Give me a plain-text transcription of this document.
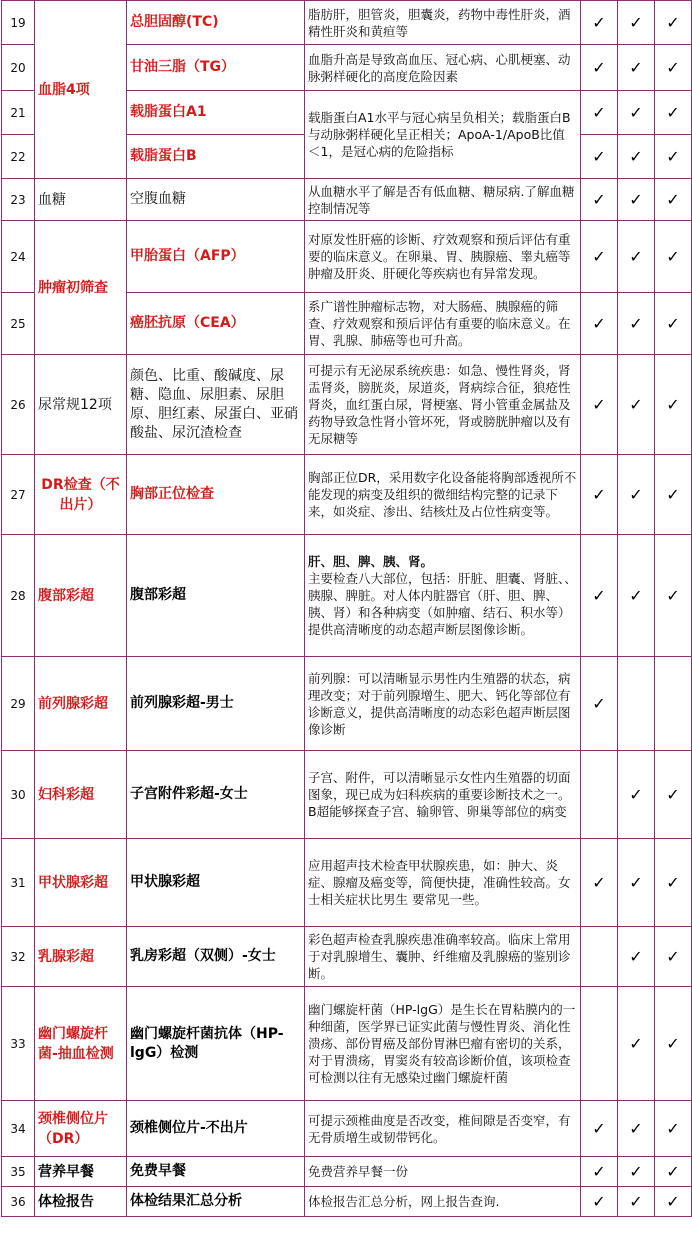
19	血脂4项	总胆固醇(TC)	脂肪肝，胆管炎，胆囊炎，药物中毒性肝炎，酒精性肝炎和黄疸等	✓	✓	✓
20		甘油三脂（TG）	血脂升高是导致高血压、冠心病、心肌梗塞、动脉粥样硬化的高度危险因素	✓	✓	✓
21		载脂蛋白A1	载脂蛋白A1水平与冠心病呈负相关；载脂蛋白B与动脉粥样硬化呈正相关；ApoA-1/ApoB比值＜1，是冠心病的危险指标	✓	✓	✓
22		载脂蛋白B		✓	✓	✓
23	血糖	空腹血糖	从血糖水平了解是否有低血糖、糖尿病.了解血糖控制情况等	✓	✓	✓
24	肿瘤初筛查	甲胎蛋白（AFP）	对原发性肝癌的诊断、疗效观察和预后评估有重要的临床意义。在卵巢、胃、胰腺癌、睾丸癌等肿瘤及肝炎、肝硬化等疾病也有异常发现。	✓	✓	✓
25		癌胚抗原（CEA）	系广谱性肿瘤标志物，对大肠癌、胰腺癌的筛查、疗效观察和预后评估有重要的临床意义。在胃、乳腺、肺癌等也可升高。	✓	✓	✓
26	尿常规12项	颜色、比重、酸碱度、尿糖、隐血、尿胆素、尿胆原、胆红素、尿蛋白、亚硝酸盐、尿沉渣检查	可提示有无泌尿系统疾患：如急、慢性肾炎，肾盂肾炎，膀胱炎，尿道炎，肾病综合征，狼疮性肾炎，血红蛋白尿，肾梗塞、肾小管重金属盐及药物导致急性肾小管坏死，肾或膀胱肿瘤以及有无尿糖等	✓	✓	✓
27	DR检查（不出片）	胸部正位检查	胸部正位DR，采用数字化设备能将胸部透视所不能发现的病变及组织的微细结构完整的记录下来，如炎症、渗出、结核灶及占位性病变等。	✓	✓	✓
28	腹部彩超	腹部彩超	肝、胆、脾、胰、肾。
主要检查八大部位，包括：肝脏、胆囊、肾脏、、胰腺、脾脏。对人体内脏器官（肝、胆、脾、胰、肾）和各种病变（如肿瘤、结石、积水等）提供高清晰度的动态超声断层图像诊断。	✓	✓	✓
29	前列腺彩超	前列腺彩超-男士	前列腺：可以清晰显示男性内生殖器的状态，病理改变；对于前列腺增生、肥大、钙化等部位有诊断意义，提供高清晰度的动态彩色超声断层图像诊断	✓		
30	妇科彩超	子宫附件彩超-女士	子宫、附件，可以清晰显示女性内生殖器的切面图象，现已成为妇科疾病的重要诊断技术之一。B超能够探查子宫、输卵管、卵巢等部位的病变		✓	✓
31	甲状腺彩超	甲状腺彩超	应用超声技术检查甲状腺疾患，如：肿大、炎症、腺瘤及癌变等，简便快捷，准确性较高。女士相关症状比男生 要常见一些。	✓	✓	✓
32	乳腺彩超	乳房彩超（双侧）-女士	彩色超声检查乳腺疾患准确率较高。临床上常用于对乳腺增生、囊肿、纤维瘤及乳腺癌的鉴别诊断。		✓	✓
33	幽门螺旋杆菌-抽血检测	幽门螺旋杆菌抗体（HP-lgG）检测	幽门螺旋杆菌（HP-lgG）是生长在胃粘膜内的一种细菌，医学界已证实此菌与慢性胃炎、消化性溃疡、部份胃癌及部份胃淋巴瘤有密切的关系，对于胃溃疡，胃窦炎有较高诊断价值，该项检查可检测以往有无感染过幽门螺旋杆菌		✓	✓
34	颈椎侧位片（DR）	颈椎侧位片-不出片	可提示颈椎曲度是否改变，椎间隙是否变窄，有无骨质增生或韧带钙化。	✓	✓	✓
35	营养早餐	免费早餐	免费营养早餐一份	✓	✓	✓
36	体检报告	体检结果汇总分析	体检报告汇总分析，网上报告查询.	✓	✓	✓
